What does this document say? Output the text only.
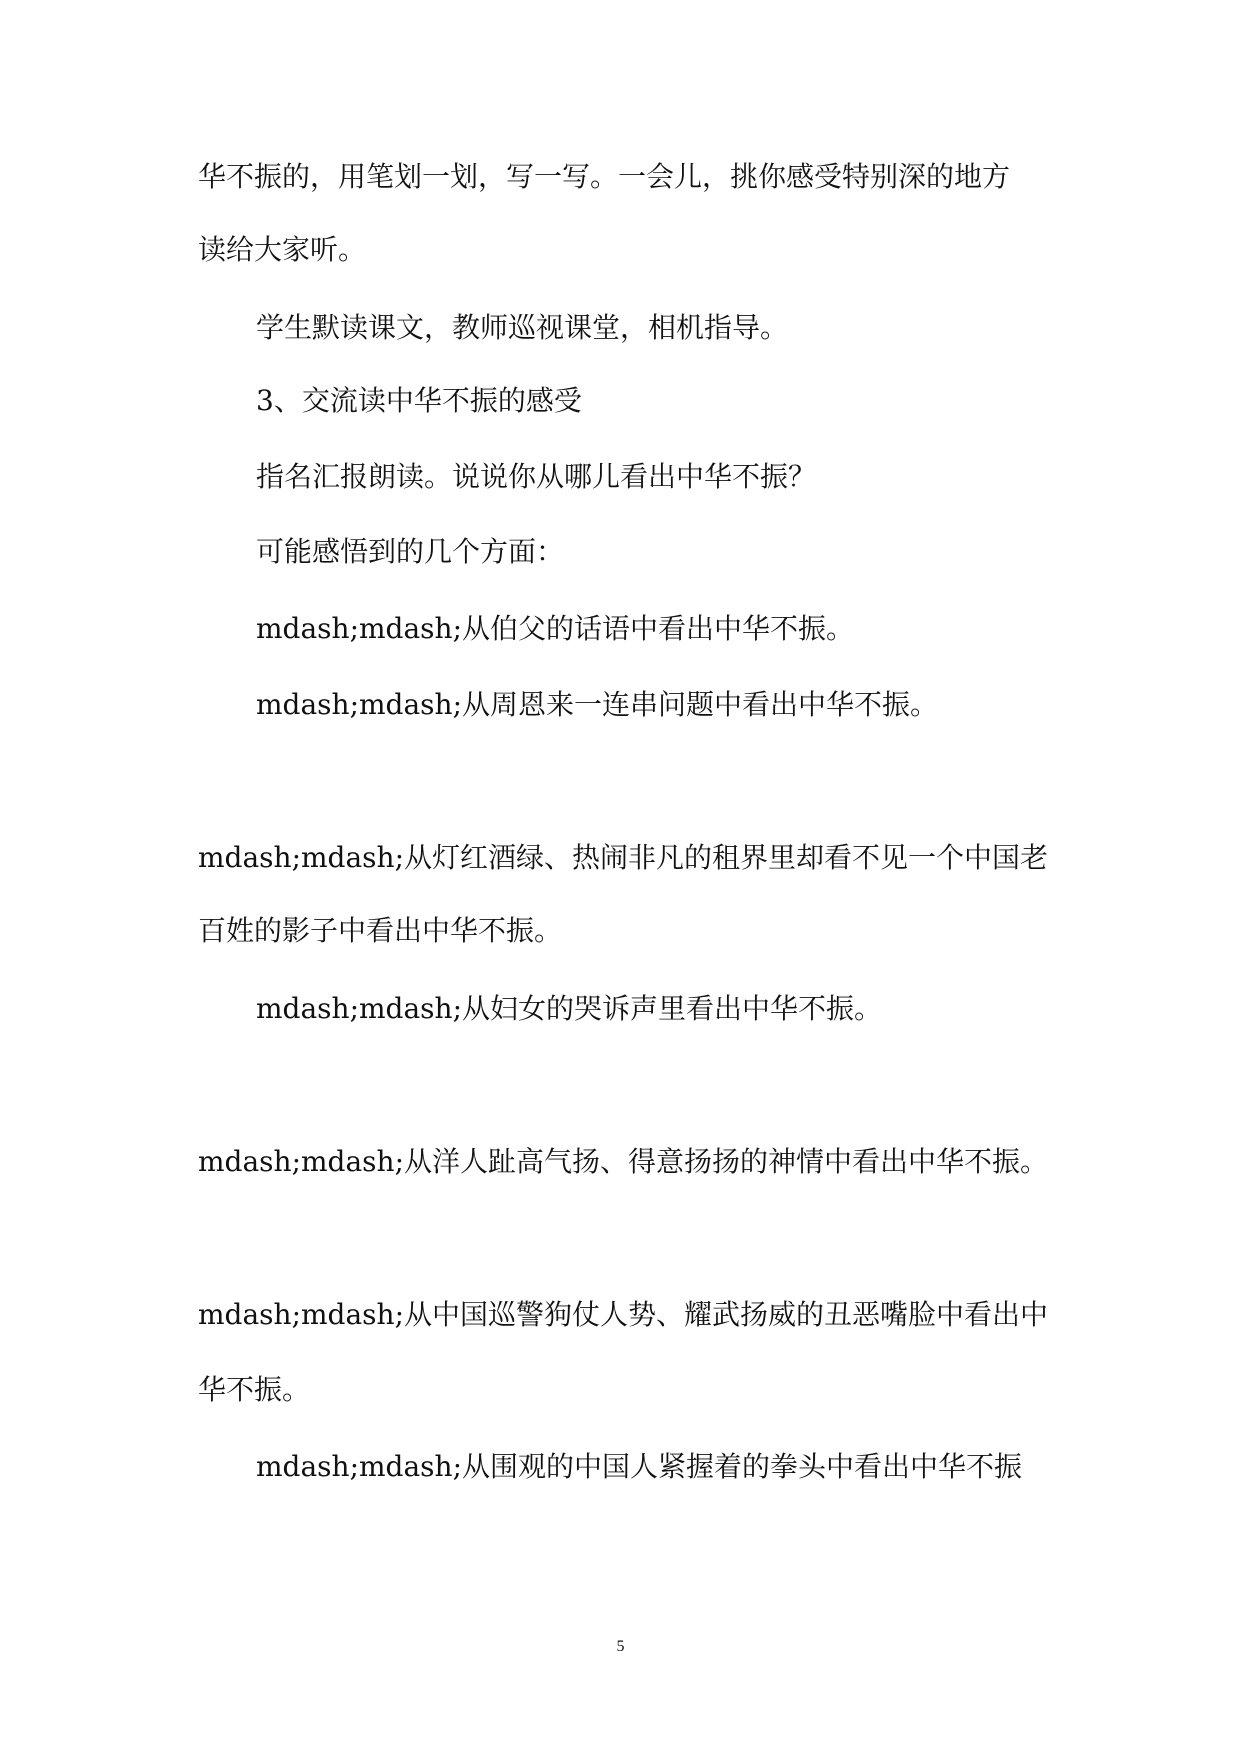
华不振的，用笔划一划，写一写。一会儿，挑你感受特别深的地方
读给大家听。
学生默读课文，教师巡视课堂，相机指导。
3、交流读中华不振的感受
指名汇报朗读。说说你从哪儿看出中华不振？
可能感悟到的几个方面：
mdash;mdash;从伯父的话语中看出中华不振。
mdash;mdash;从周恩来一连串问题中看出中华不振。
mdash;mdash;从灯红酒绿、热闹非凡的租界里却看不见一个中国老
百姓的影子中看出中华不振。
mdash;mdash;从妇女的哭诉声里看出中华不振。
mdash;mdash;从洋人趾高气扬、得意扬扬的神情中看出中华不振。
mdash;mdash;从中国巡警狗仗人势、耀武扬威的丑恶嘴脸中看出中
华不振。
mdash;mdash;从围观的中国人紧握着的拳头中看出中华不振
5
